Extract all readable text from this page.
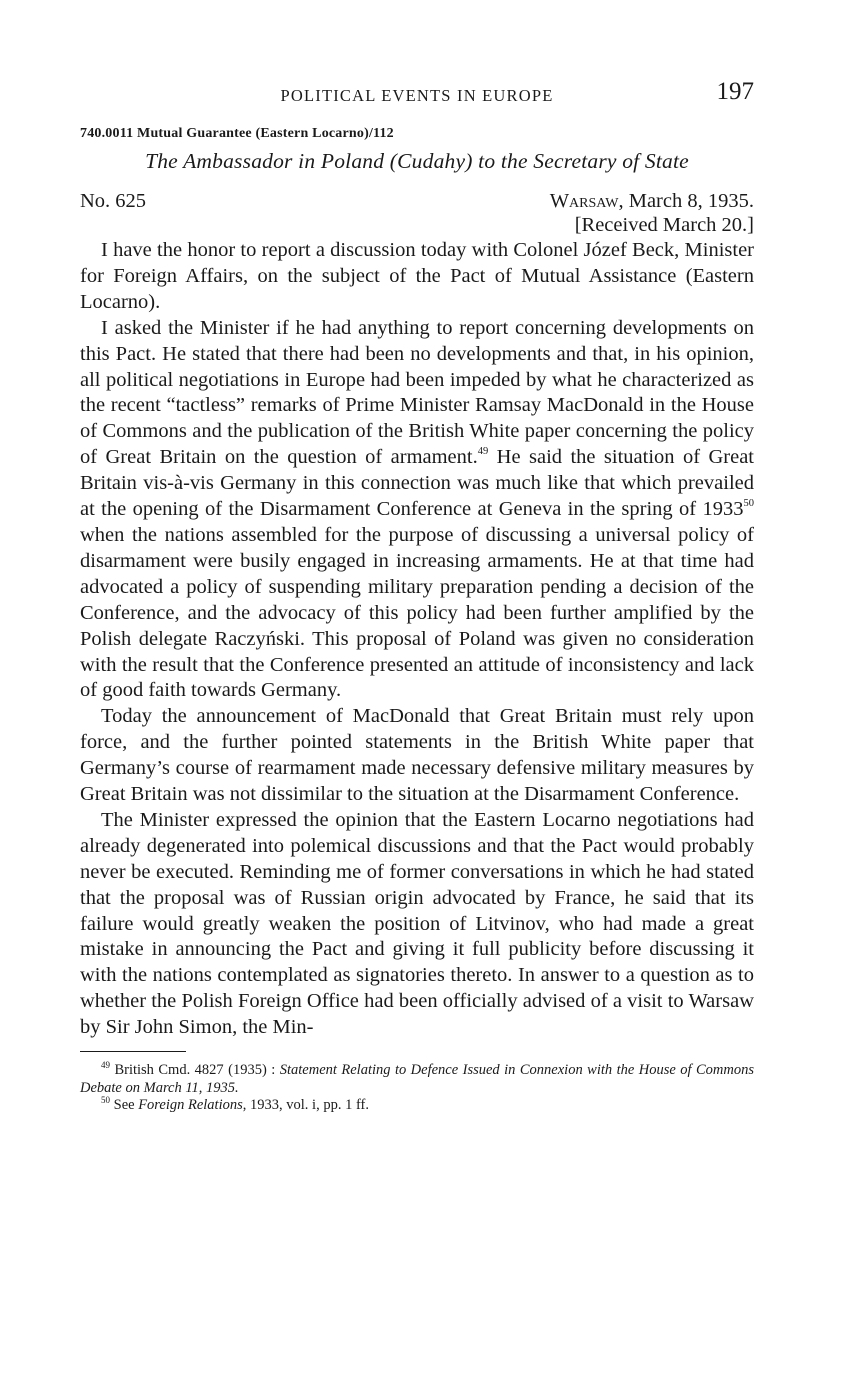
POLITICAL EVENTS IN EUROPE	197
740.0011 Mutual Guarantee (Eastern Locarno)/112
The Ambassador in Poland (Cudahy) to the Secretary of State
No. 625	Warsaw, March 8, 1935.
[Received March 20.]

I have the honor to report a discussion today with Colonel Józef Beck, Minister for Foreign Affairs, on the subject of the Pact of Mutual Assistance (Eastern Locarno).

I asked the Minister if he had anything to report concerning developments on this Pact. He stated that there had been no developments and that, in his opinion, all political negotiations in Europe had been impeded by what he characterized as the recent “tactless” remarks of Prime Minister Ramsay MacDonald in the House of Commons and the publication of the British White paper concerning the policy of Great Britain on the question of armament.$^{49}$ He said the situation of Great Britain vis-à-vis Germany in this connection was much like that which prevailed at the opening of the Disarmament Conference at Geneva in the spring of 1933$^{50}$ when the nations assembled for the purpose of discussing a universal policy of disarmament were busily engaged in increasing armaments. He at that time had advocated a policy of suspending military preparation pending a decision of the Conference, and the advocacy of this policy had been further amplified by the Polish delegate Raczyński. This proposal of Poland was given no consideration with the result that the Conference presented an attitude of inconsistency and lack of good faith towards Germany.

Today the announcement of MacDonald that Great Britain must rely upon force, and the further pointed statements in the British White paper that Germany’s course of rearmament made necessary defensive military measures by Great Britain was not dissimilar to the situation at the Disarmament Conference.

The Minister expressed the opinion that the Eastern Locarno negotiations had already degenerated into polemical discussions and that the Pact would probably never be executed. Reminding me of former conversations in which he had stated that the proposal was of Russian origin advocated by France, he said that its failure would greatly weaken the position of Litvinov, who had made a great mistake in announcing the Pact and giving it full publicity before discussing it with the nations contemplated as signatories thereto. In answer to a question as to whether the Polish Foreign Office had been officially advised of a visit to Warsaw by Sir John Simon, the Min-

$^{49}$ British Cmd. 4827 (1935) : Statement Relating to Defence Issued in Connexion with the House of Commons Debate on March 11, 1935.

$^{50}$ See Foreign Relations, 1933, vol. i, pp. 1 ff.
